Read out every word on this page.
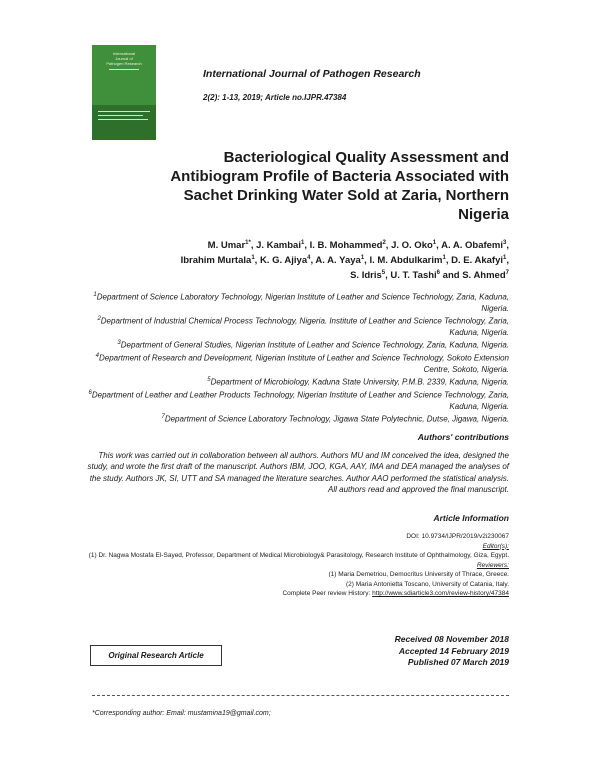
International
Journal of
Pathogen Research
International Journal of Pathogen Research
2(2): 1-13, 2019; Article no.IJPR.47384
Bacteriological Quality Assessment and Antibiogram Profile of Bacteria Associated with Sachet Drinking Water Sold at Zaria, Northern Nigeria
M. Umar$^{1*}$, J. Kambai$^1$, I. B. Mohammed$^2$, J. O. Oko$^1$, A. A. Obafemi$^3$,
Ibrahim Murtala$^1$, K. G. Ajiya$^4$, A. A. Yaya$^1$, I. M. Abdulkarim$^1$, D. E. Akafyi$^1$,
S. Idris$^5$, U. T. Tashi$^6$ and S. Ahmed$^7$
$^1$Department of Science Laboratory Technology, Nigerian Institute of Leather and Science Technology, Zaria, Kaduna, Nigeria.
$^2$Department of Industrial Chemical Process Technology, Nigeria. Institute of Leather and Science Technology, Zaria, Kaduna, Nigeria.
$^3$Department of General Studies, Nigerian Institute of Leather and Science Technology, Zaria, Kaduna, Nigeria.
$^4$Department of Research and Development, Nigerian Institute of Leather and Science Technology, Sokoto Extension Centre, Sokoto, Nigeria.
$^5$Department of Microbiology, Kaduna State University, P.M.B. 2339, Kaduna, Nigeria.
$^6$Department of Leather and Leather Products Technology, Nigerian Institute of Leather and Science Technology, Zaria, Kaduna, Nigeria.
$^7$Department of Science Laboratory Technology, Jigawa State Polytechnic, Dutse, Jigawa, Nigeria.
Authors' contributions
This work was carried out in collaboration between all authors. Authors MU and IM conceived the idea, designed the study, and wrote the first draft of the manuscript. Authors IBM, JOO, KGA, AAY, IMA and DEA managed the analyses of the study. Authors JK, SI, UTT and SA managed the literature searches. Author AAO performed the statistical analysis. All authors read and approved the final manuscript.
Article Information
DOI: 10.9734/IJPR/2019/v2i230067
Editor(s):
(1) Dr. Nagwa Mostafa El-Sayed, Professor, Department of Medical Microbiology& Parasitology, Research Institute of Ophthalmology, Giza, Egypt.
Reviewers:
(1) Maria Demetriou, Democritus University of Thrace, Greece.
(2) Maria Antonietta Toscano, University of Catania, Italy.
Complete Peer review History: http://www.sdiarticle3.com/review-history/47384
Received 08 November 2018
Accepted 14 February 2019
Published 07 March 2019
Original Research Article
*Corresponding author: Email: mustamina19@gmail.com;
